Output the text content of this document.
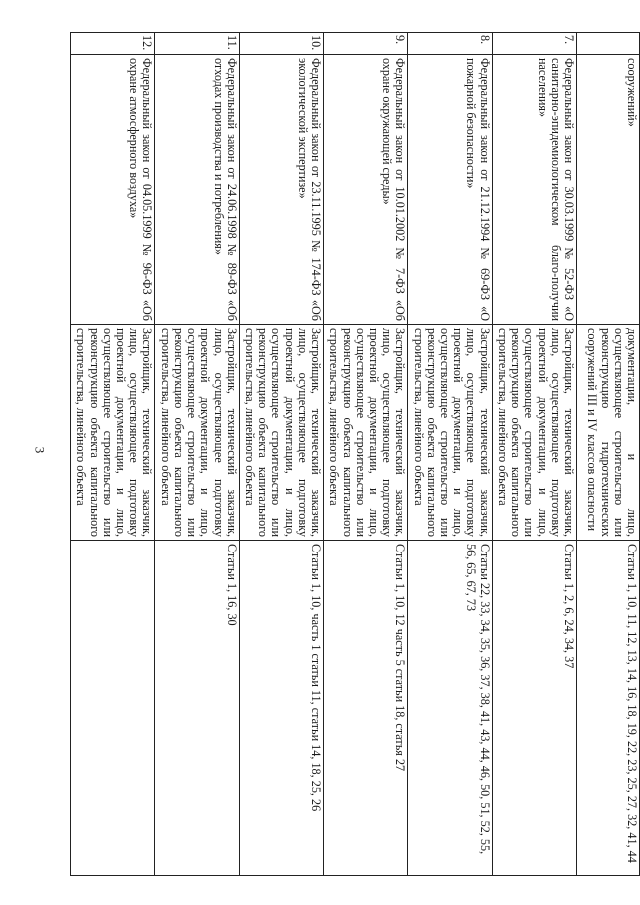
3
	сооружений»	документации, и лицо, осуществляющее строительство или реконструкцию гидротехнических сооружений III и IV классов опасности	Статьи 1, 10, 11, 12, 13, 14, 16, 18, 19, 22, 23, 25, 27, 32, 41, 44
7.	Федеральный закон от 30.03.1999 № 52-ФЗ «О санитарно-эпидемиологическом благо-получии населения»	Застройщик, технический заказчик, лицо, осуществляющее подготовку проектной документации, и лицо, осуществляющее строительство или реконструкцию объекта капитального строительства, линейного объекта	Статьи 1, 2, 6, 24, 34, 37
8.	Федеральный закон от 21.12.1994 № 69-ФЗ «О пожарной безопасности»	Застройщик, технический заказчик, лицо, осуществляющее подготовку проектной документации, и лицо, осуществляющее строительство или реконструкцию объекта капитального строительства, линейного объекта	Статьи 22, 33, 34, 35, 36, 37, 38, 41, 43, 44, 46, 50, 51, 52, 55, 56, 65, 67, 73
9.	Федеральный закон от 10.01.2002 № 7-ФЗ «Об охране окружающей среды»	Застройщик, технический заказчик, лицо, осуществляющее подготовку проектной документации, и лицо, осуществляющее строительство или реконструкцию объекта капитального строительства, линейного объекта	Статьи 1, 10, 12 часть 5 статьи 18, статья 27
10.	Федеральный закон от 23.11.1995 № 174-ФЗ «Об экологической экспертизе»	Застройщик, технический заказчик, лицо, осуществляющее подготовку проектной документации, и лицо, осуществляющее строительство или реконструкцию объекта капитального строительства, линейного объекта	Статьи 1, 10, часть 1 статьи 11, статьи 14, 18, 25, 26
11.	Федеральный закон от 24.06.1998 № 89-ФЗ «Об отходах производства и потребления»	Застройщик, технический заказчик, лицо, осуществляющее подготовку проектной документации, и лицо, осуществляющее строительство или реконструкцию объекта капитального строительства, линейного объекта	Статьи 1, 16, 30
12.	Федеральный закон от 04.05.1999 № 96-ФЗ «Об охране атмосферного воздуха»	Застройщик, технический заказчик, лицо, осуществляющее подготовку проектной документации, и лицо, осуществляющее строительство или реконструкцию объекта капитального строительства, линейного объекта	
